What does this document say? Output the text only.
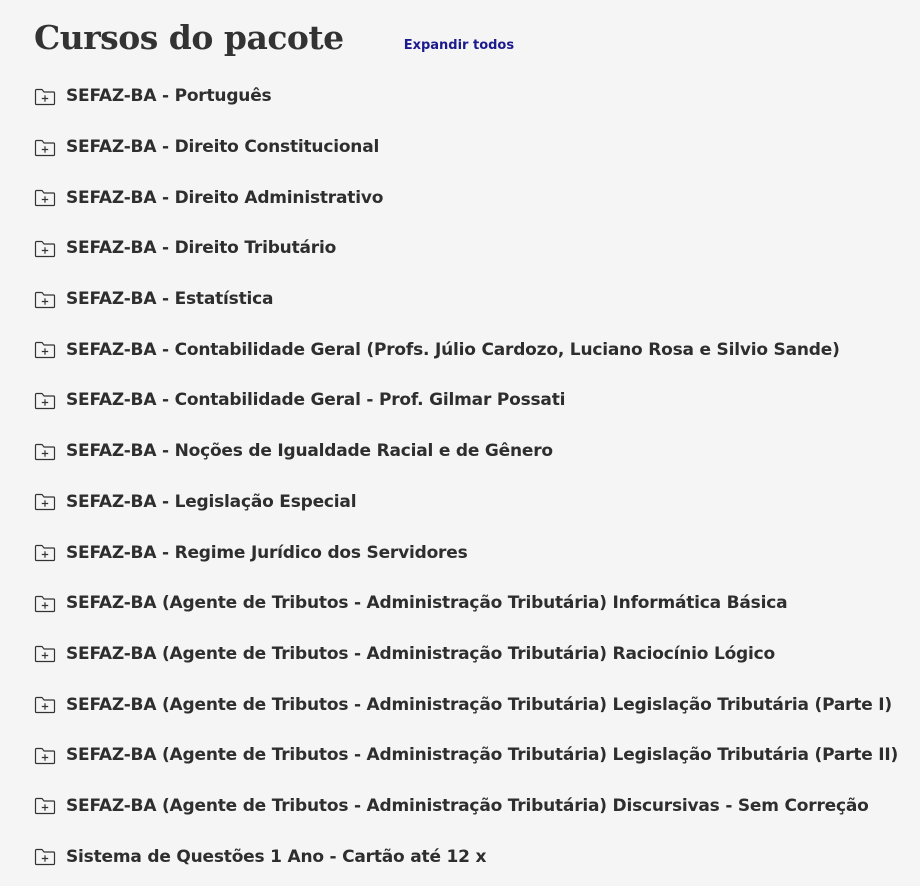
Cursos do pacote	Expandir todos
SEFAZ-BA - Português
SEFAZ-BA - Direito Constitucional
SEFAZ-BA - Direito Administrativo
SEFAZ-BA - Direito Tributário
SEFAZ-BA - Estatística
SEFAZ-BA - Contabilidade Geral (Profs. Júlio Cardozo, Luciano Rosa e Silvio Sande)
SEFAZ-BA - Contabilidade Geral - Prof. Gilmar Possati
SEFAZ-BA - Noções de Igualdade Racial e de Gênero
SEFAZ-BA - Legislação Especial
SEFAZ-BA - Regime Jurídico dos Servidores
SEFAZ-BA (Agente de Tributos - Administração Tributária) Informática Básica
SEFAZ-BA (Agente de Tributos - Administração Tributária) Raciocínio Lógico
SEFAZ-BA (Agente de Tributos - Administração Tributária) Legislação Tributária (Parte I)
SEFAZ-BA (Agente de Tributos - Administração Tributária) Legislação Tributária (Parte II)
SEFAZ-BA (Agente de Tributos - Administração Tributária) Discursivas - Sem Correção
Sistema de Questões 1 Ano - Cartão até 12 x
